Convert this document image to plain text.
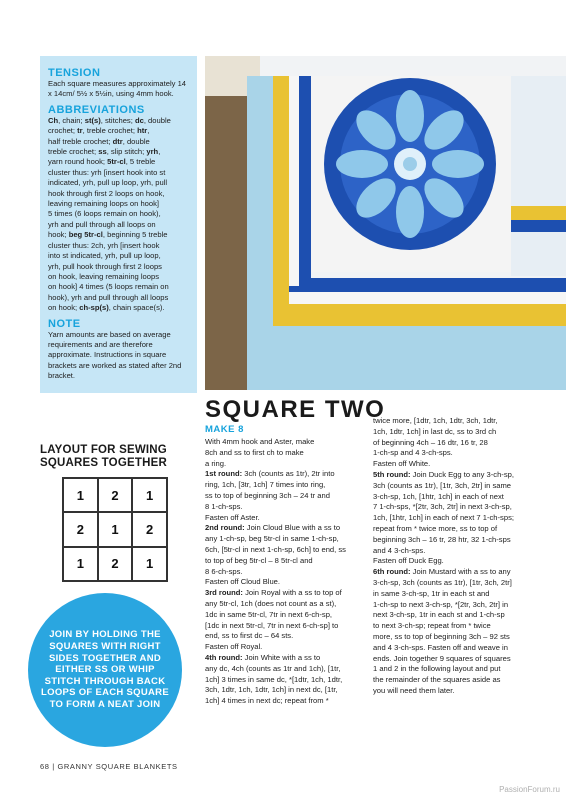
TENSION
Each square measures approximately 14 x 14cm/ 5½ x 5½in, using 4mm hook.
ABBREVIATIONS
Ch, chain; st(s), stitches; dc, double
crochet; tr, treble crochet; htr,
half treble crochet; dtr, double
treble crochet; ss, slip stitch; yrh,
yarn round hook; 5tr-cl, 5 treble
cluster thus: yrh [insert hook into st
indicated, yrh, pull up loop, yrh, pull
hook through first 2 loops on hook,
leaving remaining loops on hook]
5 times (6 loops remain on hook),
yrh and pull through all loops on
hook; beg 5tr-cl, beginning 5 treble
cluster thus: 2ch, yrh [insert hook
into st indicated, yrh, pull up loop,
yrh, pull hook through first 2 loops
on hook, leaving remaining loops
on hook] 4 times (5 loops remain on
hook), yrh and pull through all loops
on hook; ch-sp(s), chain space(s).
NOTE
Yarn amounts are based on average requirements and are therefore approximate. Instructions in square brackets are worked as stated after 2nd bracket.
SQUARE TWO
MAKE 8
With 4mm hook and Aster, make
8ch and ss to first ch to make
a ring.
1st round: 3ch (counts as 1tr), 2tr into
ring, 1ch, [3tr, 1ch] 7 times into ring,
ss to top of beginning 3ch – 24 tr and
8 1-ch-sps.
Fasten off Aster.
2nd round: Join Cloud Blue with a ss to
any 1-ch-sp, beg 5tr-cl in same 1-ch-sp,
6ch, [5tr-cl in next 1-ch-sp, 6ch] to end, ss
to top of beg 5tr-cl – 8 5tr-cl and
8 6-ch-sps.
Fasten off Cloud Blue.
3rd round: Join Royal with a ss to top of
any 5tr-cl, 1ch (does not count as a st),
1dc in same 5tr-cl, 7tr in next 6-ch-sp,
[1dc in next 5tr-cl, 7tr in next 6-ch-sp] to
end, ss to first dc – 64 sts.
Fasten off Royal.
4th round: Join White with a ss to
any dc, 4ch (counts as 1tr and 1ch), [1tr,
1ch] 3 times in same dc, *[1dtr, 1ch, 1dtr,
3ch, 1dtr, 1ch, 1dtr, 1ch] in next dc, [1tr,
1ch] 4 times in next dc; repeat from *
twice more, [1dtr, 1ch, 1dtr, 3ch, 1dtr,
1ch, 1dtr, 1ch] in last dc, ss to 3rd ch
of beginning 4ch – 16 dtr, 16 tr, 28
1-ch-sp and 4 3-ch-sps.
Fasten off White.
5th round: Join Duck Egg to any 3-ch-sp,
3ch (counts as 1tr), [1tr, 3ch, 2tr] in same
3-ch-sp, 1ch, [1htr, 1ch] in each of next
7 1-ch-sps, *[2tr, 3ch, 2tr] in next 3-ch-sp,
1ch, [1htr, 1ch] in each of next 7 1-ch-sps;
repeat from * twice more, ss to top of
beginning 3ch – 16 tr, 28 htr, 32 1-ch-sps
and 4 3-ch-sps.
Fasten off Duck Egg.
6th round: Join Mustard with a ss to any
3-ch-sp, 3ch (counts as 1tr), [1tr, 3ch, 2tr]
in same 3-ch-sp, 1tr in each st and
1-ch-sp to next 3-ch-sp, *[2tr, 3ch, 2tr] in
next 3-ch-sp, 1tr in each st and 1-ch-sp
to next 3-ch-sp; repeat from * twice
more, ss to top of beginning 3ch – 92 sts
and 4 3-ch-sps. Fasten off and weave in
ends. Join together 9 squares of squares
1 and 2 in the following layout and put
the remainder of the squares aside as
you will need them later.
LAYOUT FOR SEWING
SQUARES TOGETHER
1	2	1
2	1	2
1	2	1
JOIN BY HOLDING THE SQUARES WITH RIGHT SIDES TOGETHER AND EITHER SS OR WHIP STITCH THROUGH BACK LOOPS OF EACH SQUARE TO FORM A NEAT JOIN
68 | GRANNY SQUARE BLANKETS
PassionForum.ru
